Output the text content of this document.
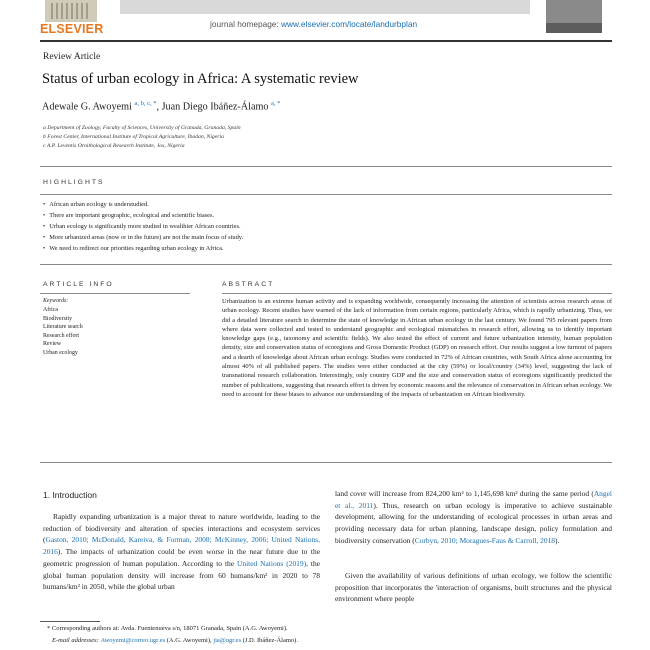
ELSEVIER	journal homepage: www.elsevier.com/locate/landurbplan
Review Article
Status of urban ecology in Africa: A systematic review
Adewale G. Awoyemi $^{a, b, c, *}$, Juan Diego Ibáñez-Álamo $^{a, *}$
a Department of Zoology, Faculty of Sciences, University of Granada, Granada, Spain
b Forest Center, International Institute of Tropical Agriculture, Ibadan, Nigeria
c A.P. Leventis Ornithological Research Institute, Jos, Nigeria
HIGHLIGHTS
• African urban ecology is understudied.
• There are important geographic, ecological and scientific biases.
• Urban ecology is significantly more studied in wealthier African countries.
• More urbanized areas (now or in the future) are not the main focus of study.
• We need to redirect our priorities regarding urban ecology in Africa.
ARTICLE INFO	ABSTRACT
Keywords:
Africa
Biodiversity
Literature search
Research effort
Review
Urban ecology

Urbanization is an extreme human activity and is expanding worldwide, consequently increasing the attention of scientists across research areas of urban ecology. Recent studies have warned of the lack of information from certain regions, particularly Africa, which is rapidly urbanizing. Thus, we did a detailed literature search to determine the state of knowledge in African urban ecology in the last century. We found 795 relevant papers from where data were collected and tested to understand geographic and ecological mismatches in research effort, allowing us to identify important knowledge gaps (e.g., taxonomy and scientific fields). We also tested the effect of current and future urbanization intensity, human population density, size and conservation status of ecoregions and Gross Domestic Product (GDP) on research effort. Our results suggest a low turnout of papers and a dearth of knowledge about African urban ecology. Studies were conducted in 72% of African countries, with South Africa alone accounting for almost 40% of all published papers. The studies were either conducted at the city (59%) or local/country (34%) level, suggesting the lack of transnational research collaboration. Interestingly, only country GDP and the size and conservation status of ecoregions significantly predicted the number of publications, suggesting that research effort is driven by economic reasons and the relevance of conservation in African urban ecology. We need to account for these biases to advance our understanding of the impacts of urbanization on African biodiversity.

1. Introduction

Rapidly expanding urbanization is a major threat to nature worldwide, leading to the reduction of biodiversity and alteration of species interactions and ecosystem services (Gaston, 2010; McDonald, Kareiva, & Forman, 2008; McKinney, 2006; United Nations, 2016). The impacts of urbanization could be even worse in the near future due to the geometric progression of human population. According to the United Nations (2019), the global human population density will increase from 60 humans/km² in 2020 to 78 humans/km² in 2050, while the global urban

land cover will increase from 824,200 km² to 1,145,698 km² during the same period (Angel et al., 2011). Thus, research on urban ecology is imperative to achieve sustainable development, allowing for the understanding of ecological processes in urban areas and providing necessary data for urban planning, landscape design, policy formulation and biodiversity conservation (Corbyn, 2010; Moragues-Faus & Carroll, 2018).

Given the availability of various definitions of urban ecology, we follow the scientific proposition that incorporates the 'interaction of organisms, built structures and the physical environment where people

* Corresponding authors at: Avda. Fuentenueva s/n, 18071 Granada, Spain (A.G. Awoyemi).
E-mail addresses: Awoyemi@correo.ugr.es (A.G. Awoyemi), jia@ugr.es (J.D. Ibáñez-Álamo).
